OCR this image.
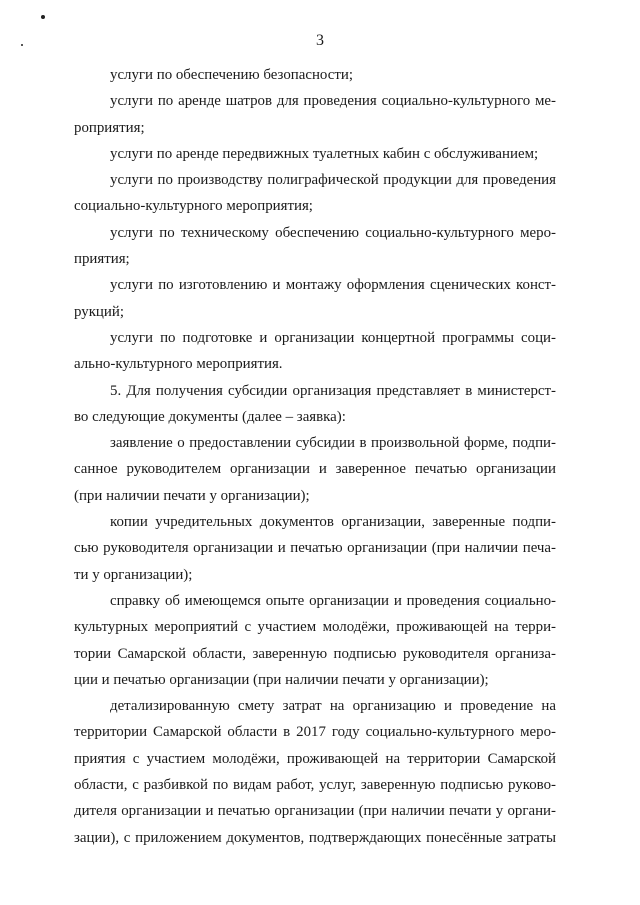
3
услуги по обеспечению безопасности;
услуги по аренде шатров для проведения социально-культурного ме-
роприятия;
услуги по аренде передвижных туалетных кабин с обслуживанием;
услуги по производству полиграфической продукции для проведения
социально-культурного мероприятия;
услуги по техническому обеспечению социально-культурного меро-
приятия;
услуги по изготовлению и монтажу оформления сценических конст-
рукций;
услуги по подготовке и организации концертной программы соци-
ально-культурного мероприятия.
5. Для получения субсидии организация представляет в министерст-
во следующие документы (далее – заявка):
заявление о предоставлении субсидии в произвольной форме, подпи-
санное руководителем организации и заверенное печатью организации
(при наличии печати у организации);
копии учредительных документов организации, заверенные подпи-
сью руководителя организации и печатью организации (при наличии печа-
ти у организации);
справку об имеющемся опыте организации и проведения социально-
культурных мероприятий с участием молодёжи, проживающей на терри-
тории Самарской области, заверенную подписью руководителя организа-
ции и печатью организации (при наличии печати у организации);
детализированную смету затрат на организацию и проведение на
территории Самарской области в 2017 году социально-культурного меро-
приятия с участием молодёжи, проживающей на территории Самарской
области, с разбивкой по видам работ, услуг, заверенную подписью руково-
дителя организации и печатью организации (при наличии печати у органи-
зации), с приложением документов, подтверждающих понесённые затраты
